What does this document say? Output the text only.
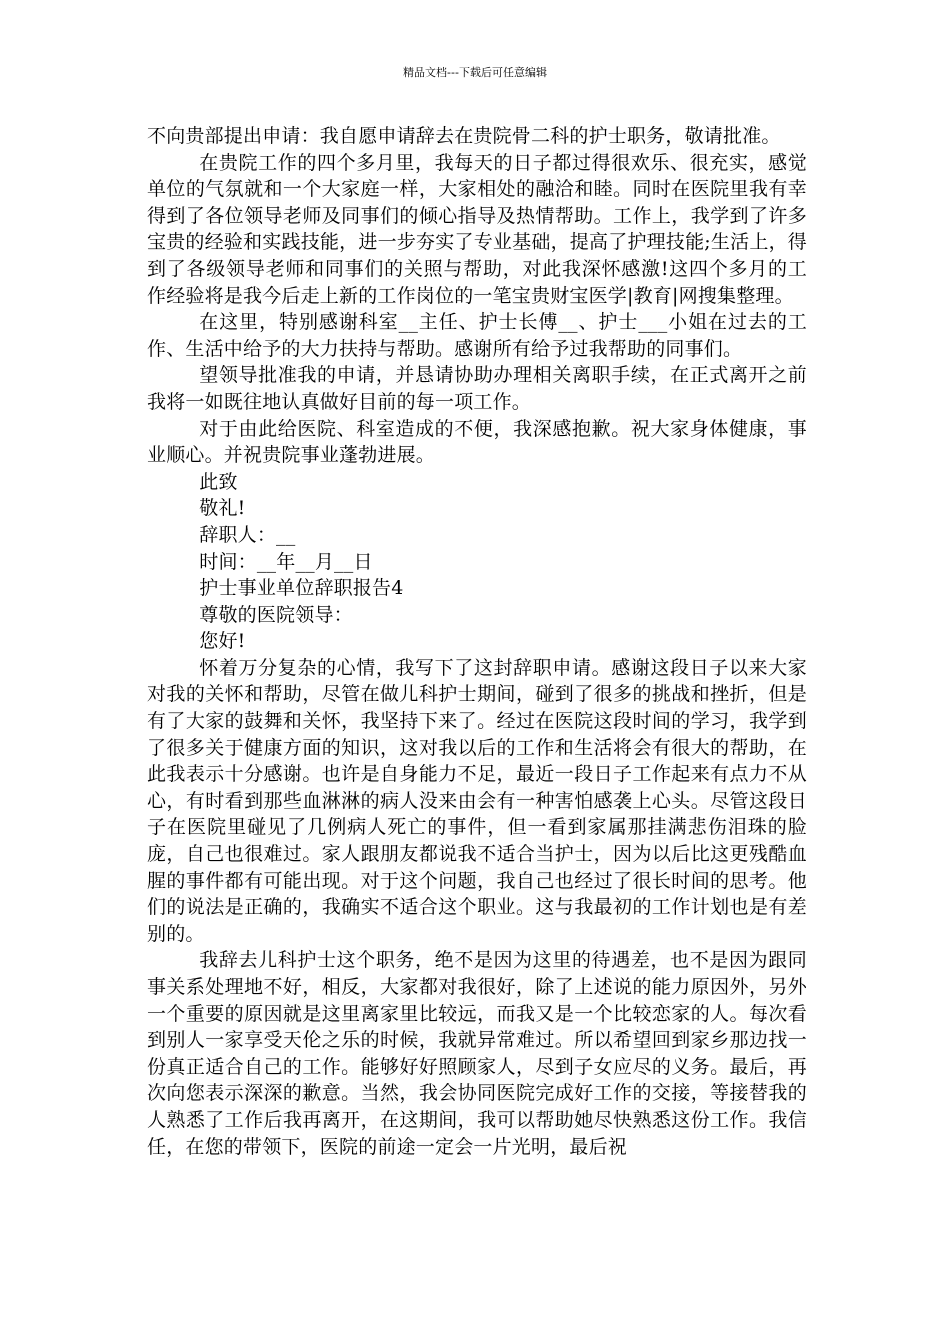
精品文档---下载后可任意编辑

不向贵部提出申请：我自愿申请辞去在贵院骨二科的护士职务，敬请批准。

在贵院工作的四个多月里，我每天的日子都过得很欢乐、很充实，感觉单位的气氛就和一个大家庭一样，大家相处的融洽和睦。同时在医院里我有幸得到了各位领导老师及同事们的倾心指导及热情帮助。工作上，我学到了许多宝贵的经验和实践技能，进一步夯实了专业基础，提高了护理技能;生活上，得到了各级领导老师和同事们的关照与帮助，对此我深怀感激!这四个多月的工作经验将是我今后走上新的工作岗位的一笔宝贵财宝医学|教育|网搜集整理。

在这里，特别感谢科室__主任、护士长傅__、护士___小姐在过去的工作、生活中给予的大力扶持与帮助。感谢所有给予过我帮助的同事们。

望领导批准我的申请，并恳请协助办理相关离职手续，在正式离开之前我将一如既往地认真做好目前的每一项工作。

对于由此给医院、科室造成的不便，我深感抱歉。祝大家身体健康，事业顺心。并祝贵院事业蓬勃进展。

此致

敬礼!

辞职人：__

时间：__年__月__日

护士事业单位辞职报告4

尊敬的医院领导：

您好!

怀着万分复杂的心情，我写下了这封辞职申请。感谢这段日子以来大家对我的关怀和帮助，尽管在做儿科护士期间，碰到了很多的挑战和挫折，但是有了大家的鼓舞和关怀，我坚持下来了。经过在医院这段时间的学习，我学到了很多关于健康方面的知识，这对我以后的工作和生活将会有很大的帮助，在此我表示十分感谢。也许是自身能力不足，最近一段日子工作起来有点力不从心，有时看到那些血淋淋的病人没来由会有一种害怕感袭上心头。尽管这段日子在医院里碰见了几例病人死亡的事件，但一看到家属那挂满悲伤泪珠的脸庞，自己也很难过。家人跟朋友都说我不适合当护士，因为以后比这更残酷血腥的事件都有可能出现。对于这个问题，我自己也经过了很长时间的思考。他们的说法是正确的，我确实不适合这个职业。这与我最初的工作计划也是有差别的。

我辞去儿科护士这个职务，绝不是因为这里的待遇差，也不是因为跟同事关系处理地不好，相反，大家都对我很好，除了上述说的能力原因外，另外一个重要的原因就是这里离家里比较远，而我又是一个比较恋家的人。每次看到别人一家享受天伦之乐的时候，我就异常难过。所以希望回到家乡那边找一份真正适合自己的工作。能够好好照顾家人，尽到子女应尽的义务。最后，再次向您表示深深的歉意。当然，我会协同医院完成好工作的交接，等接替我的人熟悉了工作后我再离开，在这期间，我可以帮助她尽快熟悉这份工作。我信任，在您的带领下，医院的前途一定会一片光明，最后祝
